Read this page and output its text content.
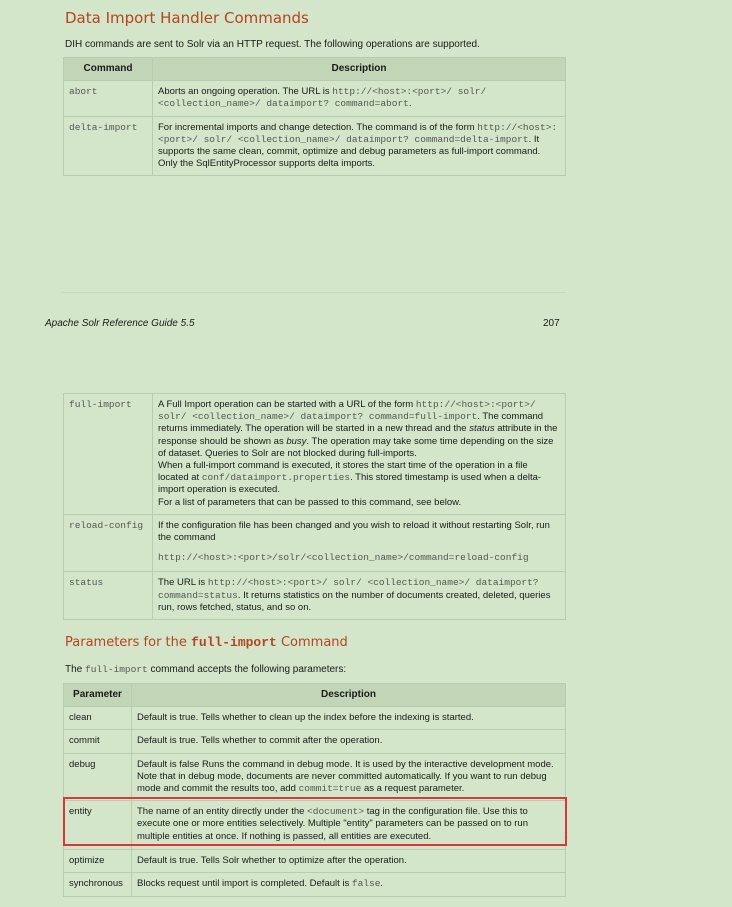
Data Import Handler Commands

DIH commands are sent to Solr via an HTTP request. The following operations are supported.

Command	Description
abort	Aborts an ongoing operation. The URL is http://<host>:<port>/ solr/ <collection_name>/ dataimport? command=abort.
delta-import	For incremental imports and change detection. The command is of the form http://<host>:<port>/ solr/ <collection_name>/ dataimport? command=delta-import. It supports the same clean, commit, optimize and debug parameters as full-import command. Only the SqlEntityProcessor supports delta imports.
Apache Solr Reference Guide 5.5	207
full-import	A Full Import operation can be started with a URL of the form http://<host>:<port>/ solr/ <collection_name>/ dataimport? command=full-import. The command returns immediately. The operation will be started in a new thread and the status attribute in the response should be shown as busy. The operation may take some time depending on the size of dataset. Queries to Solr are not blocked during full-imports.
When a full-import command is executed, it stores the start time of the operation in a file located at conf/dataimport.properties. This stored timestamp is used when a delta-import operation is executed.
For a list of parameters that can be passed to this command, see below.

reload-config	If the configuration file has been changed and you wish to reload it without restarting Solr, run the command
http://<host>:<port>/solr/<collection_name>/command=reload-config

status	The URL is http://<host>:<port>/ solr/ <collection_name>/ dataimport? command=status. It returns statistics on the number of documents created, deleted, queries run, rows fetched, status, and so on.
Parameters for the full-import Command

The full-import command accepts the following parameters:

Parameter	Description
clean	Default is true. Tells whether to clean up the index before the indexing is started.
commit	Default is true. Tells whether to commit after the operation.
debug	Default is false Runs the command in debug mode. It is used by the interactive development mode. Note that in debug mode, documents are never committed automatically. If you want to run debug mode and commit the results too, add commit=true as a request parameter.
entity	The name of an entity directly under the <document> tag in the configuration file. Use this to execute one or more entities selectively. Multiple "entity" parameters can be passed on to run multiple entities at once. If nothing is passed, all entities are executed.
optimize	Default is true. Tells Solr whether to optimize after the operation.
synchronous	Blocks request until import is completed. Default is false.
